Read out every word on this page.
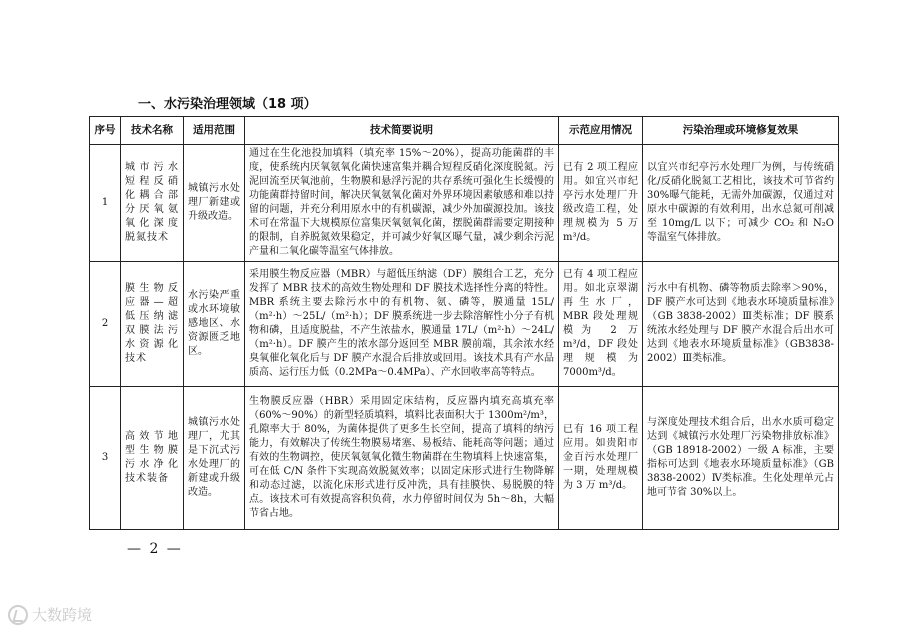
一、水污染治理领域（18 项）
序号	技术名称	适用范围	技术简要说明	示范应用情况	污染治理或环境修复效果
1	城市污水短程反硝化耦合部分厌氧氨氧化深度脱氮技术	城镇污水处理厂新建或升级改造。	通过在生化池投加填料（填充率 15%～20%），提高功能菌群的丰度，使系统内厌氧氨氧化菌快速富集并耦合短程反硝化深度脱氮。污泥回流至厌氧池前，生物膜和悬浮污泥的共存系统可强化生长缓慢的功能菌群持留时间，解决厌氧氨氧化菌对外界环境因素敏感和难以持留的问题，并充分利用原水中的有机碳源，减少外加碳源投加。该技术可在常温下大规模原位富集厌氧氨氧化菌，摆脱菌群需要定期接种的限制，自养脱氮效果稳定，并可减少好氧区曝气量，减少剩余污泥产量和二氧化碳等温室气体排放。	已有 2 项工程应用。如宜兴市纪亭污水处理厂升级改造工程，处理规模为 5 万 m³/d。	以宜兴市纪亭污水处理厂为例，与传统硝化/反硝化脱氮工艺相比，该技术可节省约 30%曝气能耗，无需外加碳源，仅通过对原水中碳源的有效利用，出水总氮可削减至 10mg/L 以下；可减少 CO₂ 和 N₂O 等温室气体排放。
2	膜生物反应器—超低压纳滤双膜法污水资源化技术	水污染严重或水环境敏感地区、水资源匮乏地区。	采用膜生物反应器（MBR）与超低压纳滤（DF）膜组合工艺，充分发挥了 MBR 技术的高效生物处理和 DF 膜技术选择性分离的特性。MBR 系统主要去除污水中的有机物、氨、磷等，膜通量 15L/（m²·h）～25L/（m²·h）；DF 膜系统进一步去除溶解性小分子有机物和磷，且适度脱盐，不产生浓盐水，膜通量 17L/（m²·h）～24L/（m²·h）。DF 膜产生的浓水部分返回至 MBR 膜前端，其余浓水经臭氧催化氧化后与 DF 膜产水混合后排放或回用。该技术具有产水品质高、运行压力低（0.2MPa～0.4MPa）、产水回收率高等特点。	已有 4 项工程应用。如北京翠湖再生水厂，MBR 段处理规模为 2 万 m³/d，DF 段处理规模为 7000m³/d。	污水中有机物、磷等物质去除率＞90%，DF 膜产水可达到《地表水环境质量标准》（GB 3838-2002）Ⅲ类标准；DF 膜系统浓水经处理与 DF 膜产水混合后出水可达到《地表水环境质量标准》（GB3838-2002）Ⅲ类标准。
3	高效节地型生物膜污水净化技术装备	城镇污水处理厂，尤其是下沉式污水处理厂的新建或升级改造。	生物膜反应器（HBR）采用固定床结构，反应器内填充高填充率（60%～90%）的新型轻质填料，填料比表面积大于 1300m²/m³，孔隙率大于 80%，为菌体提供了更多生长空间，提高了填料的纳污能力，有效解决了传统生物膜易堵塞、易板结、能耗高等问题；通过有效的生物调控，使厌氧氨氧化微生物菌群在生物填料上快速富集，可在低 C/N 条件下实现高效脱氮效率；以固定床形式进行生物降解和动态过滤，以流化床形式进行反冲洗，具有挂膜快、易脱膜的特点。该技术可有效提高容积负荷，水力停留时间仅为 5h～8h，大幅节省占地。	已有 16 项工程应用。如贵阳市金百污水处理厂一期，处理规模为 3 万 m³/d。	与深度处理技术组合后，出水水质可稳定达到《城镇污水处理厂污染物排放标准》（GB 18918-2002）一级 A 标准，主要指标可达到《地表水环境质量标准》（GB 3838-2002）Ⅳ类标准。生化处理单元占地可节省 30%以上。
— 2 —
大数跨境
